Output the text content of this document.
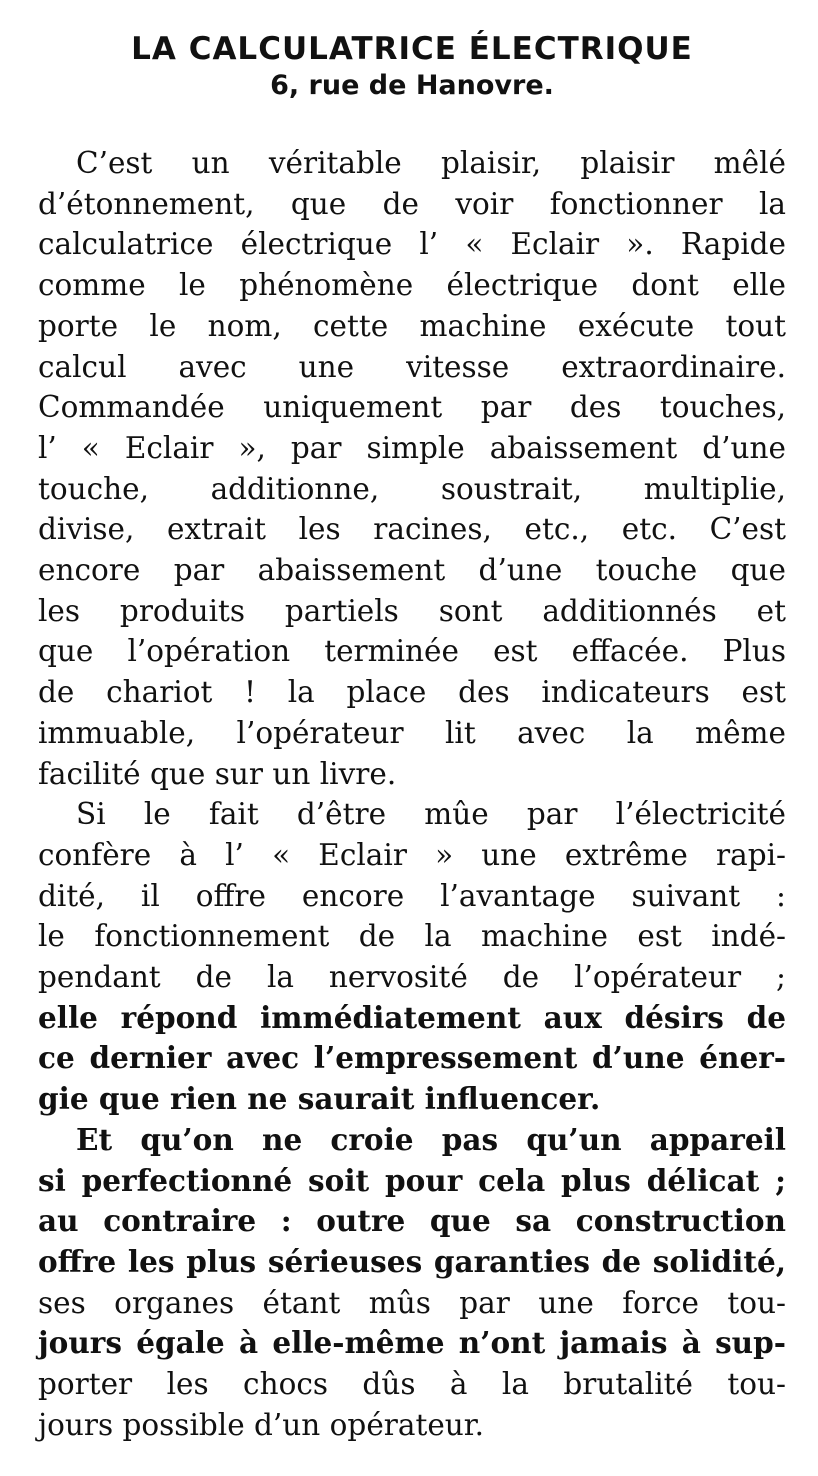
LA CALCULATRICE ÉLECTRIQUE
6, rue de Hanovre.

C’est un véritable plaisir, plaisir mêlé
d’étonnement, que de voir fonctionner la
calculatrice électrique l’ « Eclair ». Rapide
comme le phénomène électrique dont elle
porte le nom, cette machine exécute tout
calcul avec une vitesse extraordinaire.
Commandée uniquement par des touches,
l’ « Eclair », par simple abaissement d’une
touche, additionne, soustrait, multiplie,
divise, extrait les racines, etc., etc. C’est
encore par abaissement d’une touche que
les produits partiels sont additionnés et
que l’opération terminée est effacée. Plus
de chariot ! la place des indicateurs est
immuable, l’opérateur lit avec la même
facilité que sur un livre.

Si le fait d’être mûe par l’électricité
confère à l’ « Eclair » une extrême rapi-
dité, il offre encore l’avantage suivant :
le fonctionnement de la machine est indé-
pendant de la nervosité de l’opérateur ;
elle répond immédiatement aux désirs de
ce dernier avec l’empressement d’une éner-
gie que rien ne saurait influencer.

Et qu’on ne croie pas qu’un appareil
si perfectionné soit pour cela plus délicat ;
au contraire : outre que sa construction
offre les plus sérieuses garanties de solidité,
ses organes étant mûs par une force tou-
jours égale à elle-même n’ont jamais à sup-
porter les chocs dûs à la brutalité tou-
jours possible d’un opérateur.
